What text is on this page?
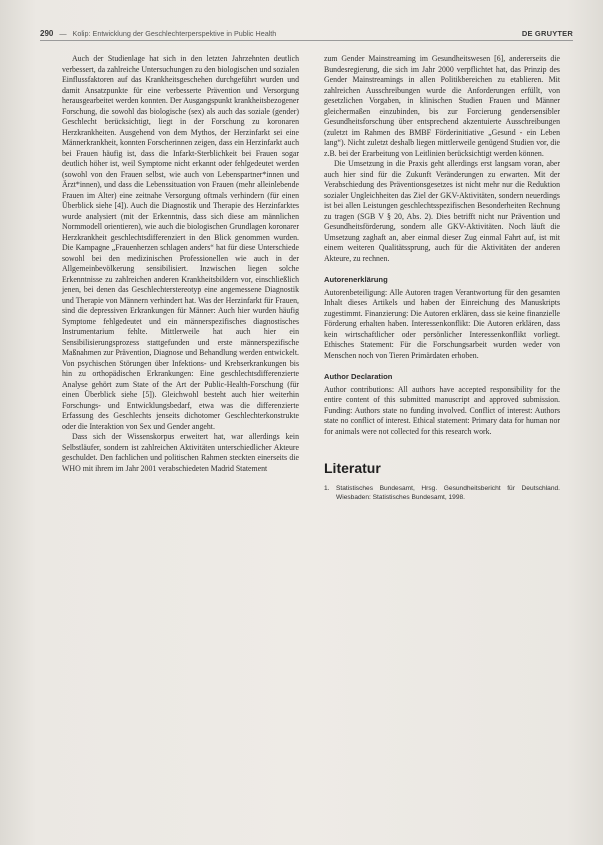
290 — Kolip: Entwicklung der Geschlechterperspektive in Public Health	DE GRUYTER

Auch der Studienlage hat sich in den letzten Jahrzehnten deutlich verbessert, da zahlreiche Untersuchungen zu den biologischen und sozialen Einflussfaktoren auf das Krankheitsgeschehen durchgeführt wurden und damit Ansatzpunkte für eine verbesserte Prävention und Versorgung herausgearbeitet werden konnten. Der Ausgangspunkt krankheitsbezogener Forschung, die sowohl das biologische (sex) als auch das soziale (gender) Geschlecht berücksichtigt, liegt in der Forschung zu koronaren Herzkrankheiten. Ausgehend von dem Mythos, der Herzinfarkt sei eine Männerkrankheit, konnten Forscherinnen zeigen, dass ein Herzinfarkt auch bei Frauen häufig ist, dass die Infarkt-Sterblichkeit bei Frauen sogar deutlich höher ist, weil Symptome nicht erkannt oder fehlgedeutet werden (sowohl von den Frauen selbst, wie auch von Lebenspartner*innen und Ärzt*innen), und dass die Lebenssituation von Frauen (mehr alleinlebende Frauen im Alter) eine zeitnahe Versorgung oftmals verhindern (für einen Überblick siehe [4]). Auch die Diagnostik und Therapie des Herzinfarktes wurde analysiert (mit der Erkenntnis, dass sich diese am männlichen Normmodell orientieren), wie auch die biologischen Grundlagen koronarer Herzkrankheit geschlechtsdifferenziert in den Blick genommen wurden. Die Kampagne „Frauenherzen schlagen anders“ hat für diese Unterschiede sowohl bei den medizinischen Professionellen wie auch in der Allgemeinbevölkerung sensibilisiert. Inzwischen liegen solche Erkenntnisse zu zahlreichen anderen Krankheitsbildern vor, einschließlich jenen, bei denen das Geschlechterstereotyp eine angemessene Diagnostik und Therapie von Männern verhindert hat. Was der Herzinfarkt für Frauen, sind die depressiven Erkrankungen für Männer: Auch hier wurden häufig Symptome fehlgedeutet und ein männerspezifisches diagnostisches Instrumentarium fehlte. Mittlerweile hat auch hier ein Sensibilisierungsprozess stattgefunden und erste männerspezifische Maßnahmen zur Prävention, Diagnose und Behandlung werden entwickelt. Von psychischen Störungen über Infektions- und Krebserkrankungen bis hin zu orthopädischen Erkrankungen: Eine geschlechtsdifferenzierte Analyse gehört zum State of the Art der Public-Health-Forschung (für einen Überblick siehe [5]). Gleichwohl besteht auch hier weiterhin Forschungs- und Entwicklungsbedarf, etwa was die differenzierte Erfassung des Geschlechts jenseits dichotomer Geschlechterkonstrukte oder die Interaktion von Sex und Gender angeht.

Dass sich der Wissenskorpus erweitert hat, war allerdings kein Selbstläufer, sondern ist zahlreichen Aktivitäten unterschiedlicher Akteure geschuldet. Den fachlichen und politischen Rahmen steckten einerseits die WHO mit ihrem im Jahr 2001 verabschiedeten Madrid Statement

zum Gender Mainstreaming im Gesundheitswesen [6], andererseits die Bundesregierung, die sich im Jahr 2000 verpflichtet hat, das Prinzip des Gender Mainstreamings in allen Politikbereichen zu etablieren. Mit zahlreichen Ausschreibungen wurde die Anforderungen erfüllt, von gesetzlichen Vorgaben, in klinischen Studien Frauen und Männer gleichermaßen einzubinden, bis zur Forcierung gendersensibler Gesundheitsforschung über entsprechend akzentuierte Ausschreibungen (zuletzt im Rahmen des BMBF Förderinitiative „Gesund - ein Leben lang“). Nicht zuletzt deshalb liegen mittlerweile genügend Studien vor, die z.B. bei der Erarbeitung von Leitlinien berücksichtigt werden können.

Die Umsetzung in die Praxis geht allerdings erst langsam voran, aber auch hier sind für die Zukunft Veränderungen zu erwarten. Mit der Verabschiedung des Präventionsgesetzes ist nicht mehr nur die Reduktion sozialer Ungleichheiten das Ziel der GKV-Aktivitäten, sondern neuerdings ist bei allen Leistungen geschlechtsspezifischen Besonderheiten Rechnung zu tragen (SGB V § 20, Abs. 2). Dies betrifft nicht nur Prävention und Gesundheitsförderung, sondern alle GKV-Aktivitäten. Noch läuft die Umsetzung zaghaft an, aber einmal dieser Zug einmal Fahrt auf, ist mit einem weiteren Qualitätssprung, auch für die Aktivitäten der anderen Akteure, zu rechnen.

Autorenerklärung

Autorenbeteiligung: Alle Autoren tragen Verantwortung für den gesamten Inhalt dieses Artikels und haben der Einreichung des Manuskripts zugestimmt. Finanzierung: Die Autoren erklären, dass sie keine finanzielle Förderung erhalten haben. Interessenkonflikt: Die Autoren erklären, dass kein wirtschaftlicher oder persönlicher Interessenkonflikt vorliegt. Ethisches Statement: Für die Forschungsarbeit wurden weder von Menschen noch von Tieren Primärdaten erhoben.

Author Declaration

Author contributions: All authors have accepted responsibility for the entire content of this submitted manuscript and approved submission. Funding: Authors state no funding involved. Conflict of interest: Authors state no conflict of interest. Ethical statement: Primary data for human nor for animals were not collected for this research work.

Literatur
1. Statistisches Bundesamt, Hrsg. Gesundheitsbericht für Deutschland. Wiesbaden: Statistisches Bundesamt, 1998.
